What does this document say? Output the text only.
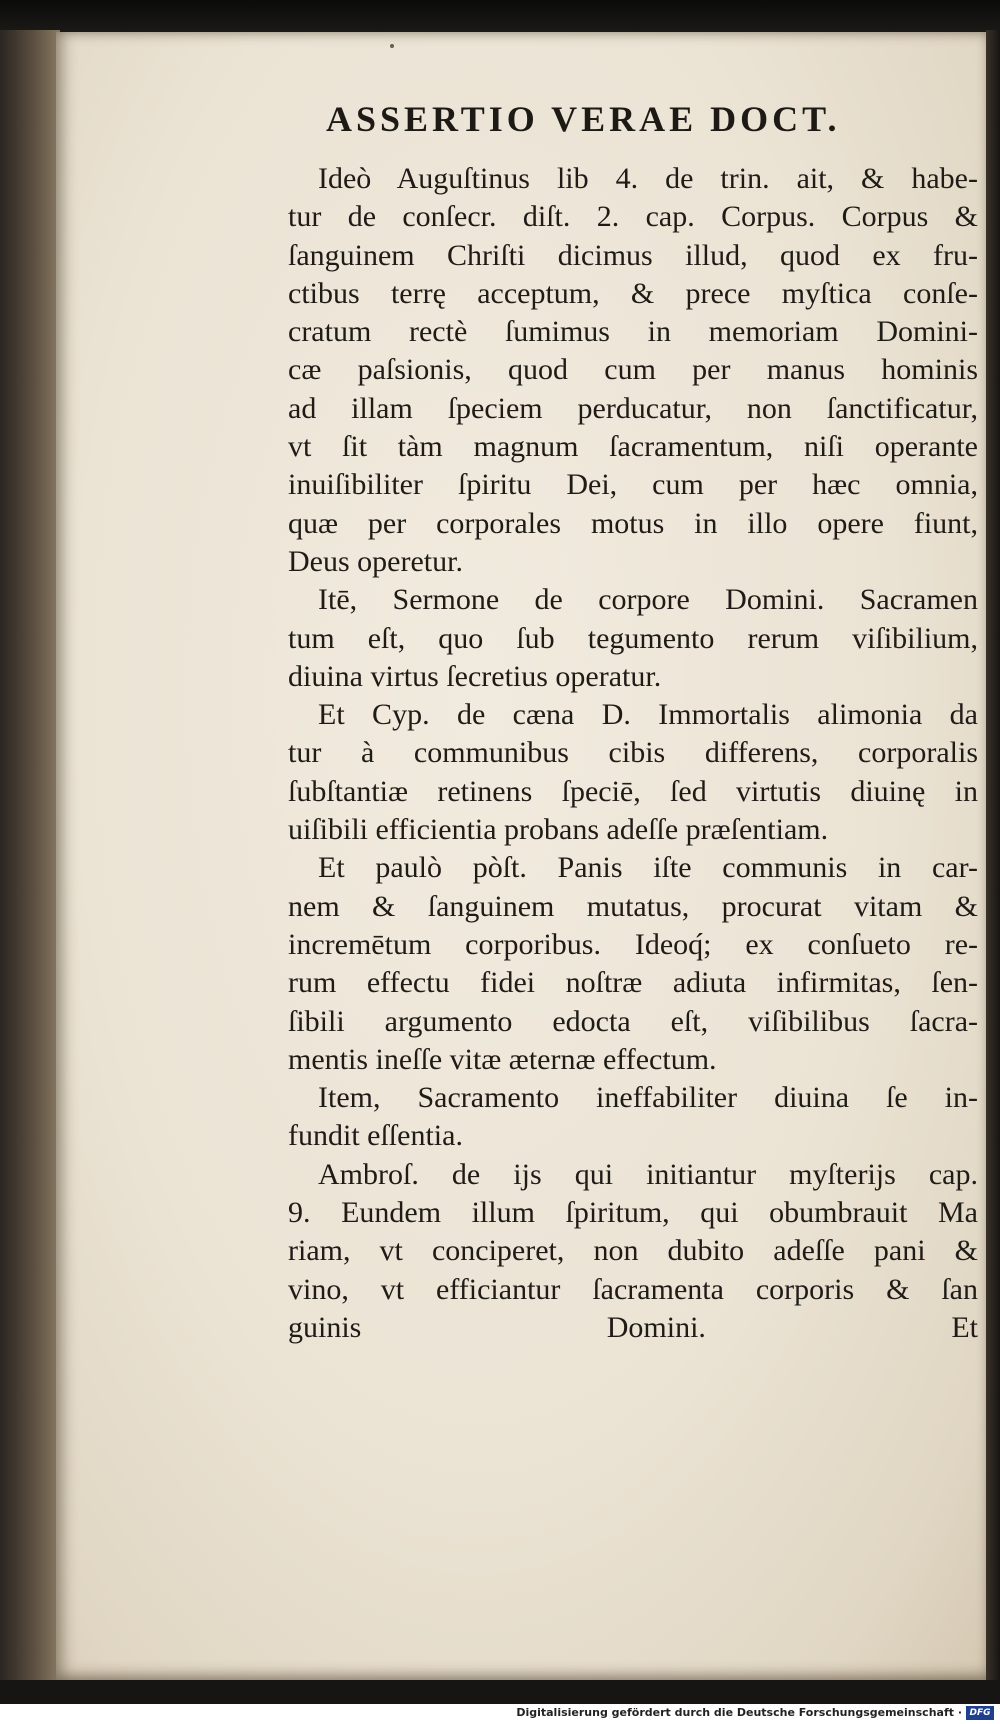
ASSERTIO VERAE DOCT.
Ideò Auguſtinus lib 4. de trin. ait, & habe-
tur de conſecr. diſt. 2. cap. Corpus. Corpus &
ſanguinem Chriſti dicimus illud, quod ex fru-
ctibus terrę acceptum, & prece myſtica conſe-
cratum rectè ſumimus in memoriam Domini-
cæ paſsionis, quod cum per manus hominis
ad illam ſpeciem perducatur, non ſanctificatur,
vt ſit tàm magnum ſacramentum, niſi operante
inuiſibiliter ſpiritu Dei, cum per hæc omnia,
quæ per corporales motus in illo opere fiunt,
Deus operetur.
Itē, Sermone de corpore Domini. Sacramen
tum eſt, quo ſub tegumento rerum viſibilium,
diuina virtus ſecretius operatur.
Et Cyp. de cæna D. Immortalis alimonia da
tur à communibus cibis differens, corporalis
ſubſtantiæ retinens ſpeciē, ſed virtutis diuinę in
uiſibili efficientia probans adeſſe præſentiam.
Et paulò pòſt. Panis iſte communis in car-
nem & ſanguinem mutatus, procurat vitam &
incremētum corporibus. Ideoq́; ex conſueto re-
rum effectu fidei noſtræ adiuta infirmitas, ſen-
ſibili argumento edocta eſt, viſibilibus ſacra-
mentis ineſſe vitæ æternæ effectum.
Item, Sacramento ineffabiliter diuina ſe in-
fundit eſſentia.
Ambroſ. de ijs qui initiantur myſterijs cap.
9. Eundem illum ſpiritum, qui obumbrauit Ma
riam, vt conciperet, non dubito adeſſe pani &
vino, vt efficiantur ſacramenta corporis & ſan
guinis Domini. Et
Digitalisierung gefördert durch die Deutsche Forschungsgemeinschaft · DFG
